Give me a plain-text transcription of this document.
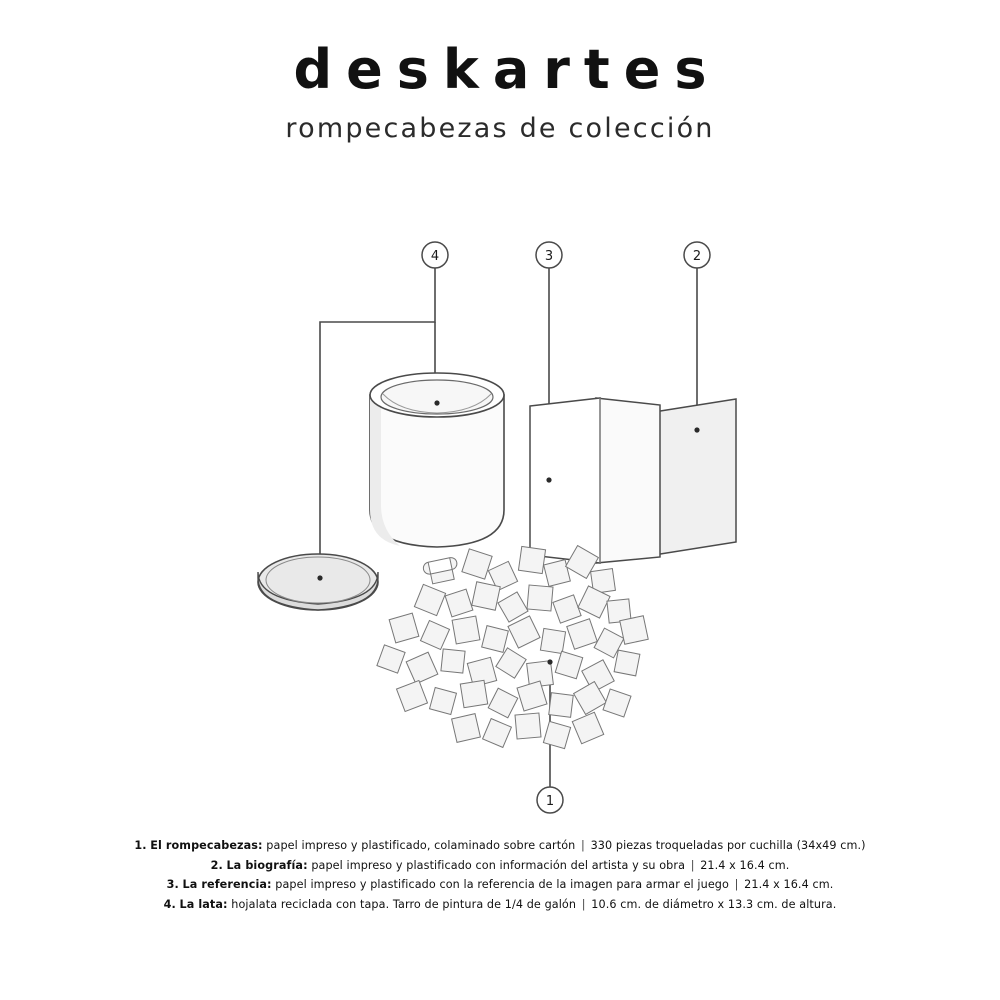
deskartes
rompecabezas de colección
4	3	2
1
1. El rompecabezas: papel impreso y plastificado, colaminado sobre cartón | 330 piezas troqueladas por cuchilla (34x49 cm.)
2. La biografía: papel impreso y plastificado con información del artista y su obra | 21.4 x 16.4 cm.
3. La referencia: papel impreso y plastificado con la referencia de la imagen para armar el juego | 21.4 x 16.4 cm.
4. La lata: hojalata reciclada con tapa. Tarro de pintura de 1/4 de galón | 10.6 cm. de diámetro x 13.3 cm. de altura.
